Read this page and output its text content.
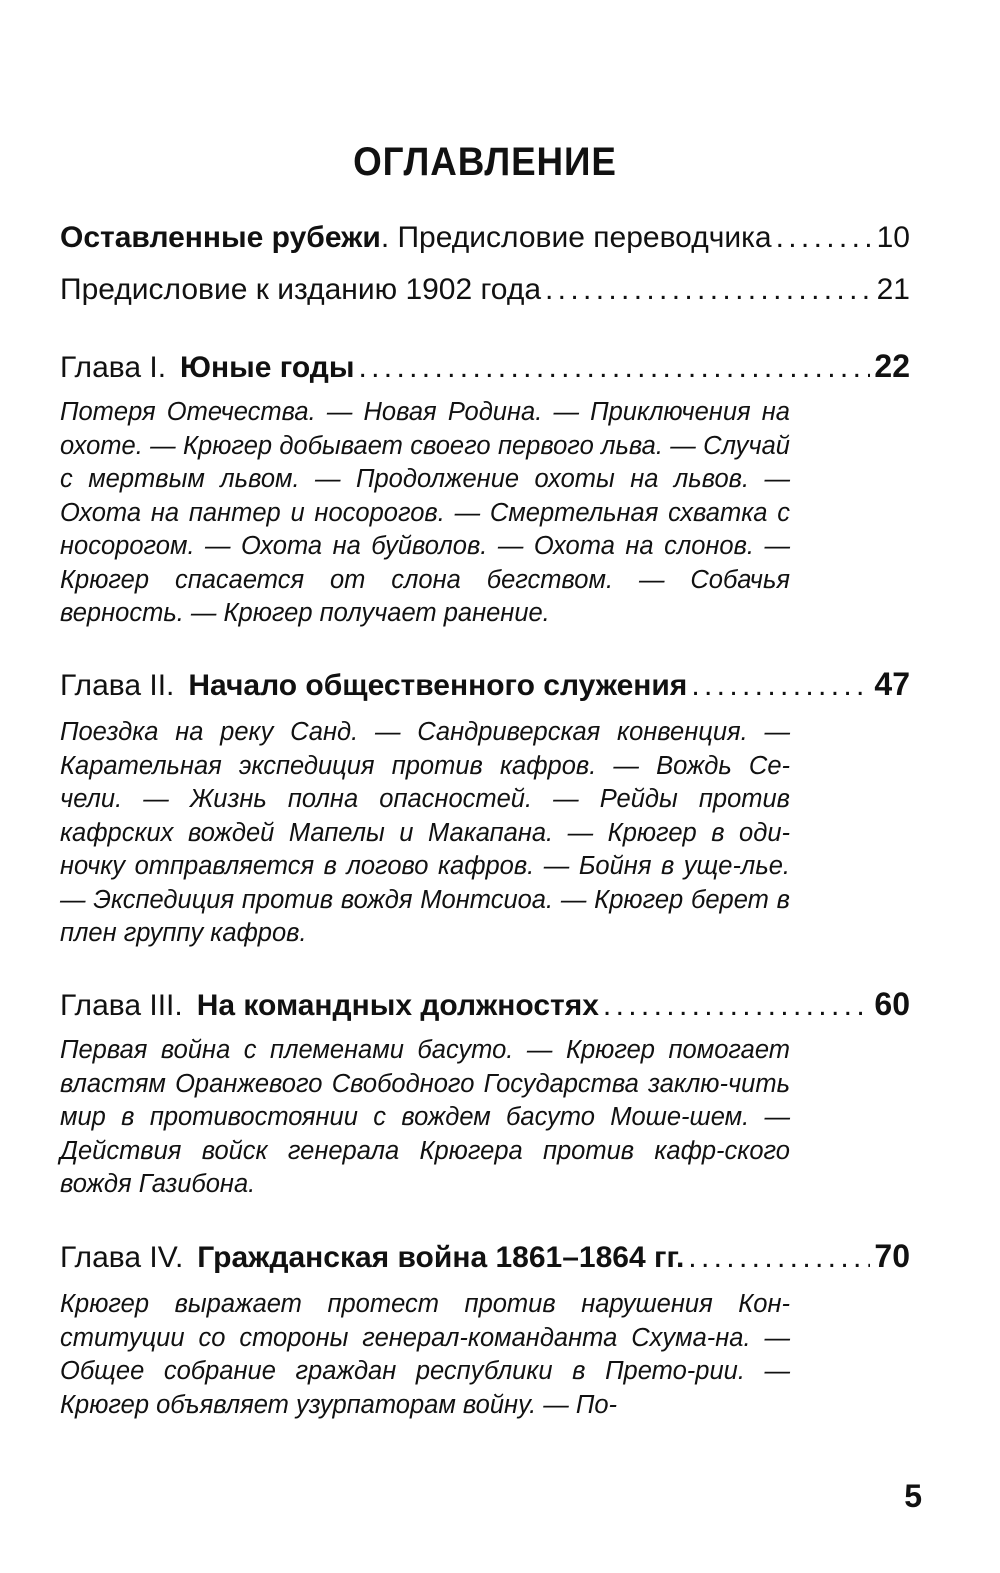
ОГЛАВЛЕНИЕ
Оставленные рубежи. Предисловие переводчика . . .	10
Предисловие к изданию 1902 года . . .	21
Глава I. Юные годы . . .	22
Потеря Отечества. — Новая Родина. — Приключения на охоте. — Крюгер добывает своего первого льва. — Случай с мертвым львом. — Продолжение охоты на львов. — Охота на пантер и носорогов. — Смертельная схватка с носорогом. — Охота на буйволов. — Охота на слонов. — Крюгер спасается от слона бегством. — Собачья верность. — Крюгер получает ранение.
Глава II. Начало общественного служения . . .	47
Поездка на реку Санд. — Сандриверская конвенция. — Карательная экспедиция против кафров. — Вождь Се-чели. — Жизнь полна опасностей. — Рейды против кафрских вождей Мапелы и Макапана. — Крюгер в оди-ночку отправляется в логово кафров. — Бойня в уще-лье. — Экспедиция против вождя Монтсиоа. — Крюгер берет в плен группу кафров.
Глава III. На командных должностях . . .	60
Первая война с племенами басуто. — Крюгер помогает властям Оранжевого Свободного Государства заклю-чить мир в противостоянии с вождем басуто Моше-шем. — Действия войск генерала Крюгера против кафр-ского вождя Газибона.
Глава IV. Гражданская война 1861–1864 гг. . . .	70
Крюгер выражает протест против нарушения Кон-ституции со стороны генерал-команданта Схума-на. — Общее собрание граждан республики в Прето-рии. — Крюгер объявляет узурпаторам войну. — По-
5
